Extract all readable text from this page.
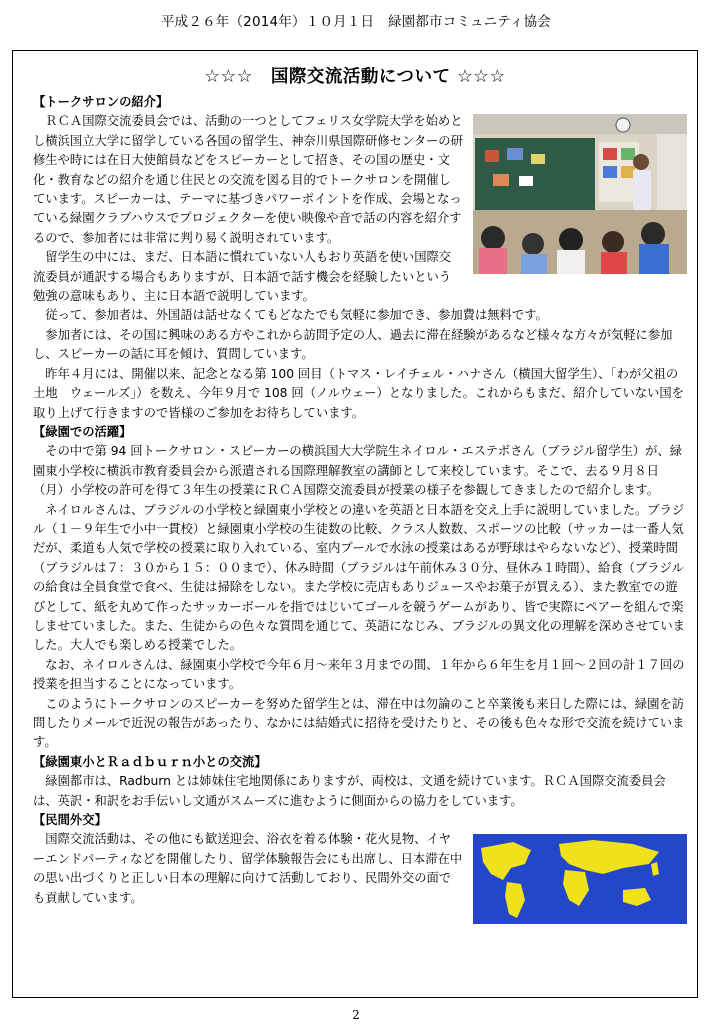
平成２６年（2014年）１０月１日　緑園都市コミュニティ協会
☆☆☆　国際交流活動について ☆☆☆

【トークサロンの紹介】

ＲＣＡ国際交流委員会では、活動の一つとしてフェリス女学院大学を始めとし横浜国立大学に留学している各国の留学生、神奈川県国際研修センターの研修生や時には在日大使館員などをスピーカーとして招き、その国の歴史・文化・教育などの紹介を通じ住民との交流を図る目的でトークサロンを開催しています。スピーカーは、テーマに基づきパワーポイントを作成、会場となっている緑園クラブハウスでプロジェクターを使い映像や音で話の内容を紹介するので、参加者には非常に判り易く説明されています。

留学生の中には、まだ、日本語に慣れていない人もおり英語を使い国際交流委員が通訳する場合もありますが、日本語で話す機会を経験したいという勉強の意味もあり、主に日本語で説明しています。

従って、参加者は、外国語は話せなくてもどなたでも気軽に参加でき、参加費は無料です。

参加者には、その国に興味のある方やこれから訪問予定の人、過去に滞在経験があるなど様々な方々が気軽に参加し、スピーカーの話に耳を傾け、質問しています。

昨年４月には、開催以来、記念となる第 100 回目（トマス・レイチェル・ハナさん（横国大留学生）、「わが父祖の土地　ウェールズ」）を数え、今年９月で 108 回（ノルウェー）となりました。これからもまだ、紹介していない国を取り上げて行きますので皆様のご参加をお待ちしています。

【緑園での活躍】

その中で第 94 回トークサロン・スピーカーの横浜国大大学院生ネイロル・エステボさん（ブラジル留学生）が、緑園東小学校に横浜市教育委員会から派遣される国際理解教室の講師として来校しています。そこで、去る９月８日（月）小学校の許可を得て３年生の授業にＲＣＡ国際交流委員が授業の様子を参観してきましたので紹介します。

ネイロルさんは、ブラジルの小学校と緑園東小学校との違いを英語と日本語を交え上手に説明していました。ブラジル（１－９年生で小中一貫校）と緑園東小学校の生徒数の比較、クラス人数数、スポーツの比較（サッカーは一番人気だが、柔道も人気で学校の授業に取り入れている、室内プールで水泳の授業はあるが野球はやらないなど）、授業時間（ブラジルは７：３０から１５：００まで）、休み時間（ブラジルは午前休み３０分、昼休み１時間）、給食（ブラジルの給食は全員食堂で食べ、生徒は掃除をしない。また学校に売店もありジュースやお菓子が買える）、また教室での遊びとして、紙を丸めて作ったサッカーボールを指ではじいてゴールを競うゲームがあり、皆で実際にペアーを組んで楽しませていました。また、生徒からの色々な質問を通じて、英語になじみ、ブラジルの異文化の理解を深めさせていました。大人でも楽しめる授業でした。

なお、ネイロルさんは、緑園東小学校で今年６月～来年３月までの間、１年から６年生を月１回～２回の計１７回の授業を担当することになっています。

このようにトークサロンのスピーカーを努めた留学生とは、滞在中は勿論のこと卒業後も来日した際には、緑園を訪問したりメールで近況の報告があったり、なかには結婚式に招待を受けたりと、その後も色々な形で交流を続けています。

【緑園東小とＲａｄｂｕｒｎ小との交流】

緑園都市は、Radburn とは姉妹住宅地関係にありますが、両校は、文通を続けています。ＲＣＡ国際交流委員会は、英訳・和訳をお手伝いし文通がスムーズに進むように側面からの協力をしています。

【民間外交】

国際交流活動は、その他にも歓送迎会、浴衣を着る体験・花火見物、イヤーエンドパーティなどを開催したり、留学体験報告会にも出席し、日本滞在中の思い出づくりと正しい日本の理解に向けて活動しており、民間外交の面でも貢献しています。

2
